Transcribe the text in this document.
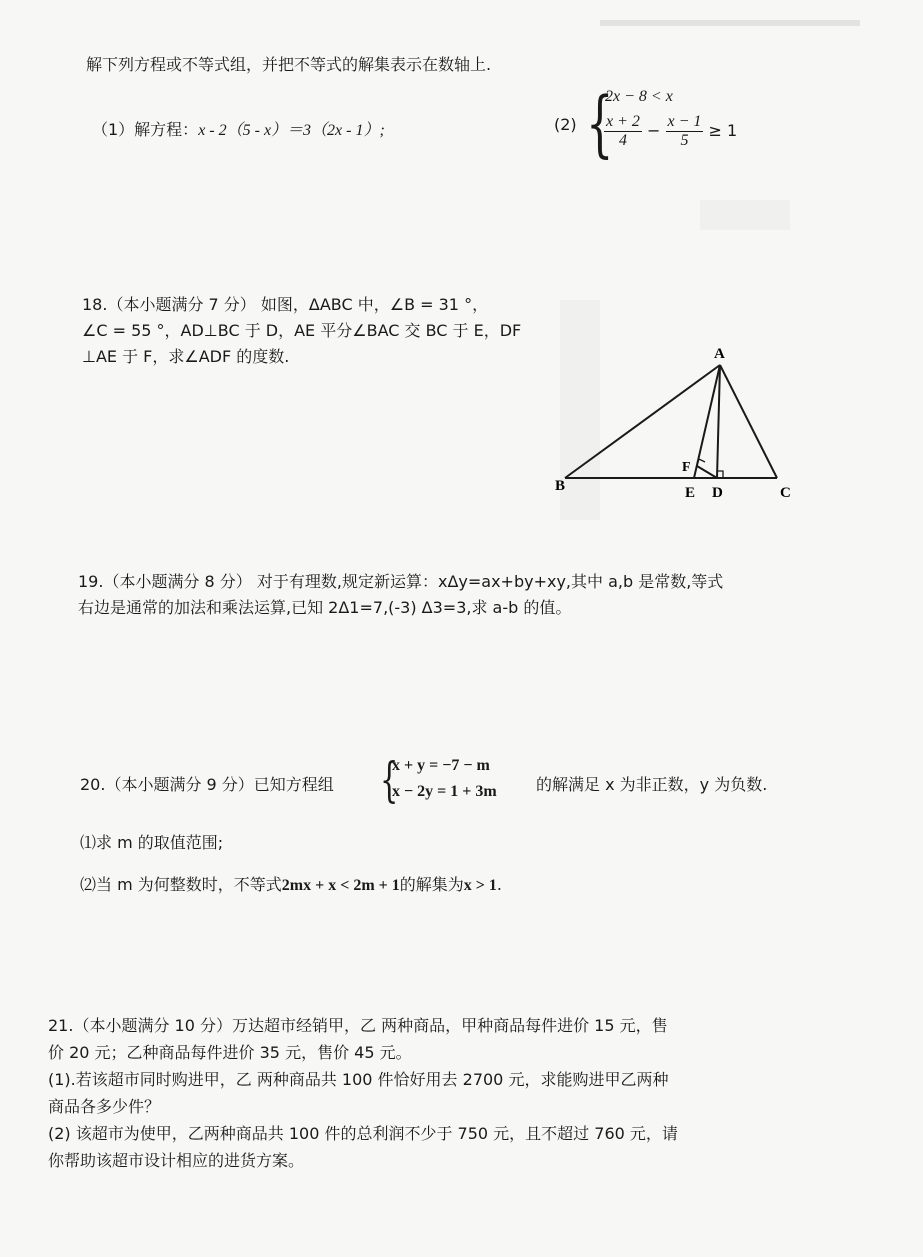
解下列方程或不等式组，并把不等式的解集表示在数轴上.
（1）解方程：x - 2（5 - x）＝3（2x - 1）;	(2) {
2x − 8 < x
$\frac{x + 2}{4} - \frac{x - 1}{5} \ge 1$
18.（本小题满分 7 分） 如图，ΔABC 中，∠B = 31 °，
∠C = 55 °，AD⊥BC 于 D，AE 平分∠BAC 交 BC 于 E，DF
⊥AE 于 F，求∠ADF 的度数.	A
B	C
E D
F
19.（本小题满分 8 分） 对于有理数,规定新运算：xΔy=ax+by+xy,其中 a,b 是常数,等式
右边是通常的加法和乘法运算,已知 2Δ1=7,(-3) Δ3=3,求 a-b 的值。
20.（本小题满分 9 分）已知方程组 {
x + y = −7 − m
x − 2y = 1 + 3m 的解满足 x 为非正数，y 为负数.
⑴求 m 的取值范围;
⑵当 m 为何整数时，不等式2mx + x < 2m + 1的解集为x > 1.
21.（本小题满分 10 分）万达超市经销甲，乙 两种商品，甲种商品每件进价 15 元，售
价 20 元；乙种商品每件进价 35 元，售价 45 元。
(1).若该超市同时购进甲，乙 两种商品共 100 件恰好用去 2700 元，求能购进甲乙两种
商品各多少件？
(2) 该超市为使甲，乙两种商品共 100 件的总利润不少于 750 元，且不超过 760 元，请
你帮助该超市设计相应的进货方案。
